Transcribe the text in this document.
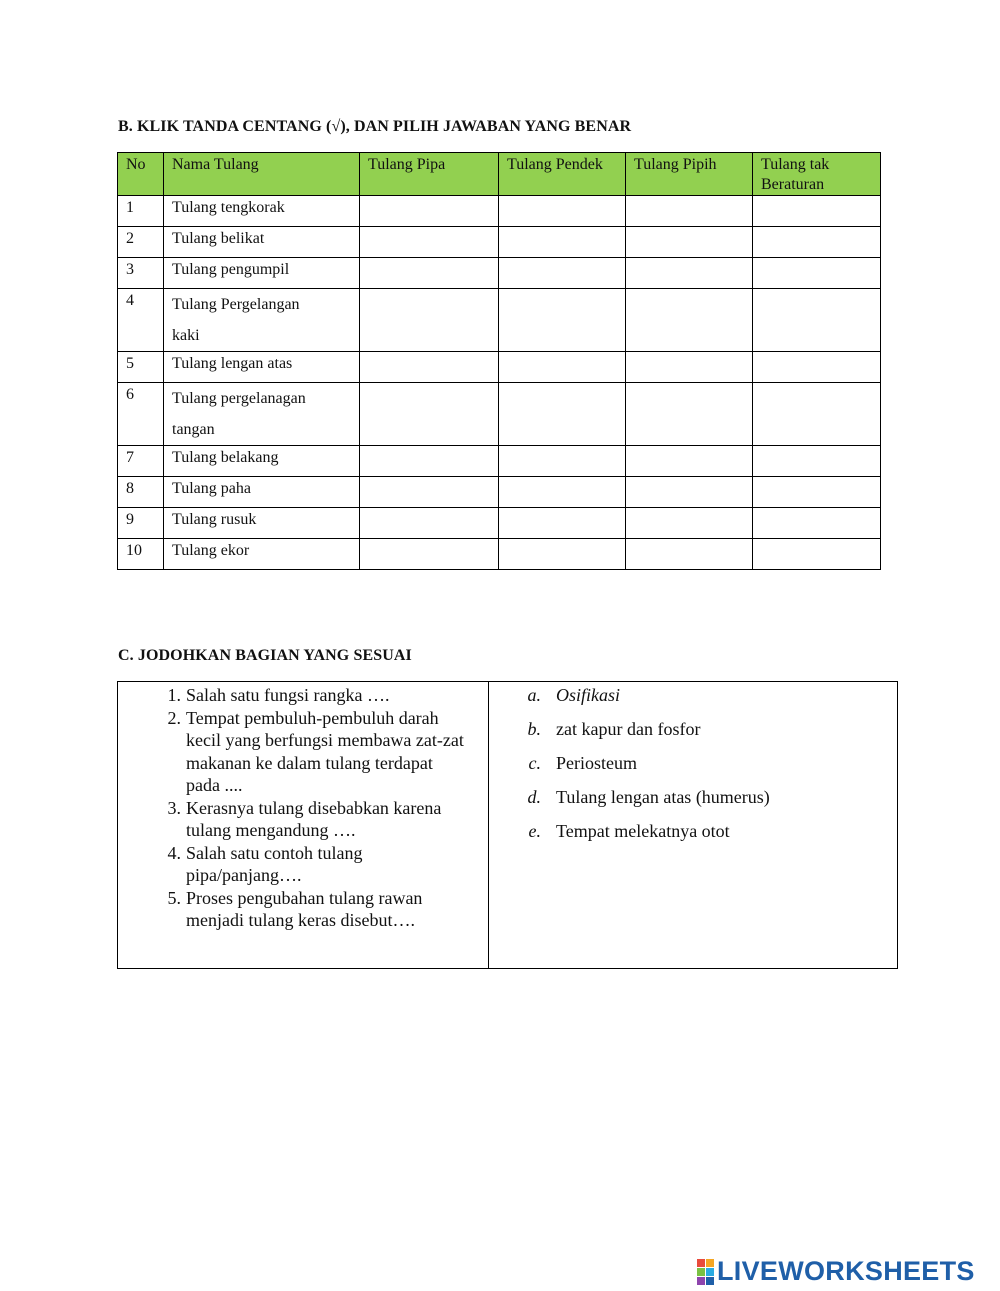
B. KLIK TANDA CENTANG (√), DAN PILIH JAWABAN YANG BENAR
No	Nama Tulang	Tulang Pipa	Tulang Pendek	Tulang Pipih	Tulang tak Beraturan
1	Tulang tengkorak				

2	Tulang belikat				

3	Tulang pengumpil				

4	Tulang Pergelangan
kaki				

5	Tulang lengan atas				

6	Tulang pergelanagan
tangan				

7	Tulang belakang				

8	Tulang paha				

9	Tulang rusuk				

10	Tulang ekor				

C. JODOHKAN BAGIAN YANG SESUAI
1. Salah satu fungsi rangka ….
2. Tempat pembuluh-pembuluh darah kecil yang berfungsi membawa zat-zat makanan ke dalam tulang terdapat pada ....
3. Kerasnya tulang disebabkan karena tulang mengandung ….
4. Salah satu contoh tulang pipa/panjang….
5. Proses pengubahan tulang rawan menjadi tulang keras disebut….
a. Osifikasi
b. zat kapur dan fosfor
c. Periosteum
d. Tulang lengan atas (humerus)
e. Tempat melekatnya otot
LIVEWORKSHEETS
